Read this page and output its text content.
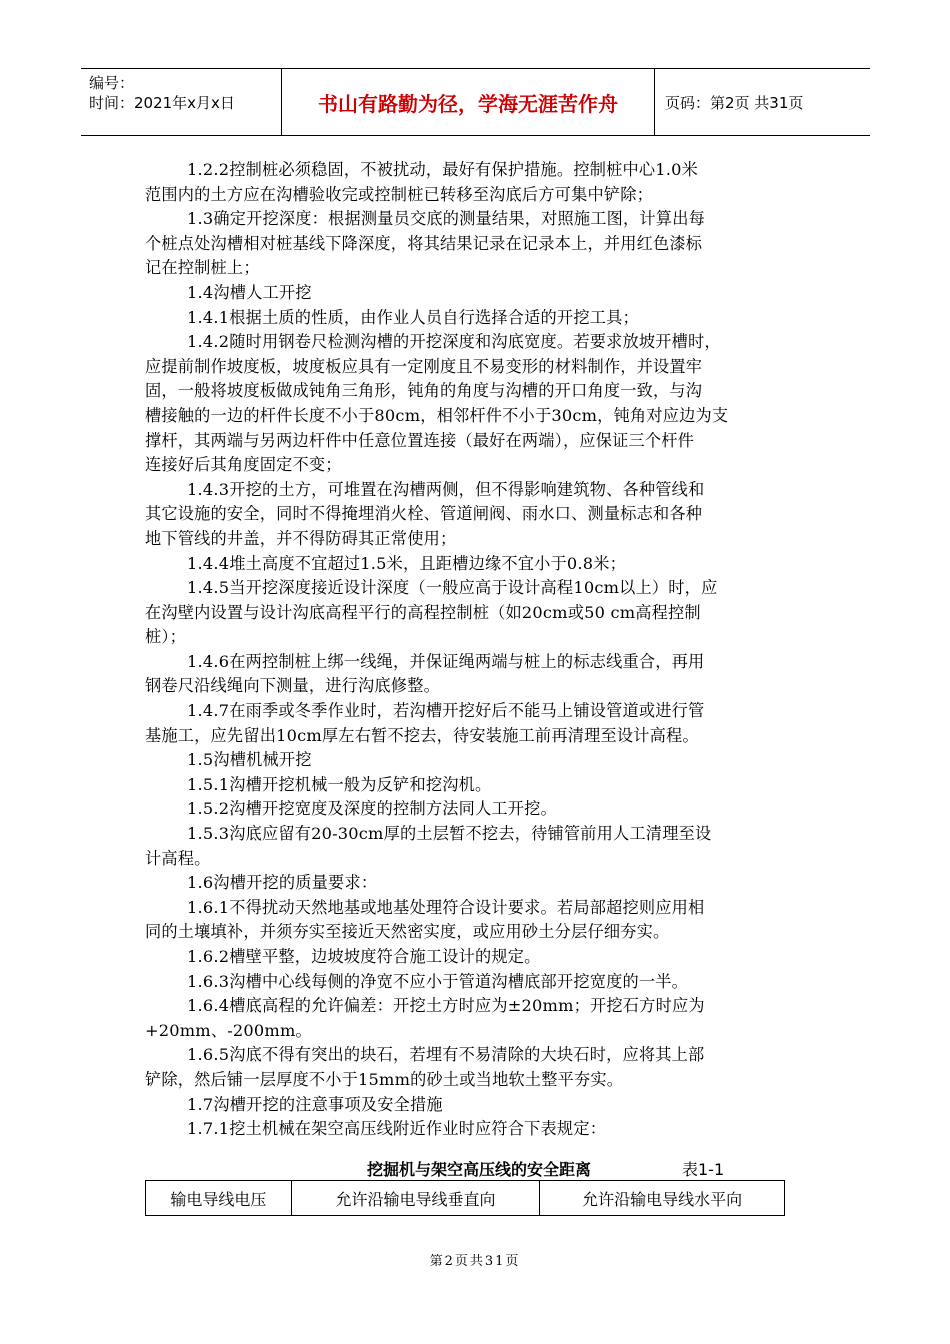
编号：
时间：2021年x月x日	书山有路勤为径，学海无涯苦作舟	页码：第2页 共31页

1.2.2控制桩必须稳固，不被扰动，最好有保护措施。控制桩中心1.0米

范围内的土方应在沟槽验收完或控制桩已转移至沟底后方可集中铲除；

1.3确定开挖深度：根据测量员交底的测量结果，对照施工图，计算出每

个桩点处沟槽相对桩基线下降深度，将其结果记录在记录本上，并用红色漆标

记在控制桩上；

1.4沟槽人工开挖

1.4.1根据土质的性质，由作业人员自行选择合适的开挖工具；

1.4.2随时用钢卷尺检测沟槽的开挖深度和沟底宽度。若要求放坡开槽时，

应提前制作坡度板，坡度板应具有一定刚度且不易变形的材料制作，并设置牢

固，一般将坡度板做成钝角三角形，钝角的角度与沟槽的开口角度一致，与沟

槽接触的一边的杆件长度不小于80cm，相邻杆件不小于30cm，钝角对应边为支

撑杆，其两端与另两边杆件中任意位置连接（最好在两端），应保证三个杆件

连接好后其角度固定不变；

1.4.3开挖的土方，可堆置在沟槽两侧，但不得影响建筑物、各种管线和

其它设施的安全，同时不得掩埋消火栓、管道闸阀、雨水口、测量标志和各种

地下管线的井盖，并不得防碍其正常使用；

1.4.4堆土高度不宜超过1.5米，且距槽边缘不宜小于0.8米；

1.4.5当开挖深度接近设计深度（一般应高于设计高程10cm以上）时，应

在沟壁内设置与设计沟底高程平行的高程控制桩（如20cm或50 cm高程控制

桩）；

1.4.6在两控制桩上绑一线绳，并保证绳两端与桩上的标志线重合，再用

钢卷尺沿线绳向下测量，进行沟底修整。

1.4.7在雨季或冬季作业时，若沟槽开挖好后不能马上铺设管道或进行管

基施工，应先留出10cm厚左右暂不挖去，待安装施工前再清理至设计高程。

1.5沟槽机械开挖

1.5.1沟槽开挖机械一般为反铲和挖沟机。

1.5.2沟槽开挖宽度及深度的控制方法同人工开挖。

1.5.3沟底应留有20-30cm厚的土层暂不挖去，待铺管前用人工清理至设

计高程。

1.6沟槽开挖的质量要求：

1.6.1不得扰动天然地基或地基处理符合设计要求。若局部超挖则应用相

同的土壤填补，并须夯实至接近天然密实度，或应用砂土分层仔细夯实。

1.6.2槽壁平整，边坡坡度符合施工设计的规定。

1.6.3沟槽中心线每侧的净宽不应小于管道沟槽底部开挖宽度的一半。

1.6.4槽底高程的允许偏差：开挖土方时应为±20mm；开挖石方时应为

+20mm、-200mm。

1.6.5沟底不得有突出的块石，若埋有不易清除的大块石时，应将其上部

铲除，然后铺一层厚度不小于15mm的砂土或当地软土整平夯实。

1.7沟槽开挖的注意事项及安全措施

1.7.1挖土机械在架空高压线附近作业时应符合下表规定：

挖掘机与架空高压线的安全距离	表1-1
输电导线电压	允许沿输电导线垂直向	允许沿输电导线水平向
第2页共31页
